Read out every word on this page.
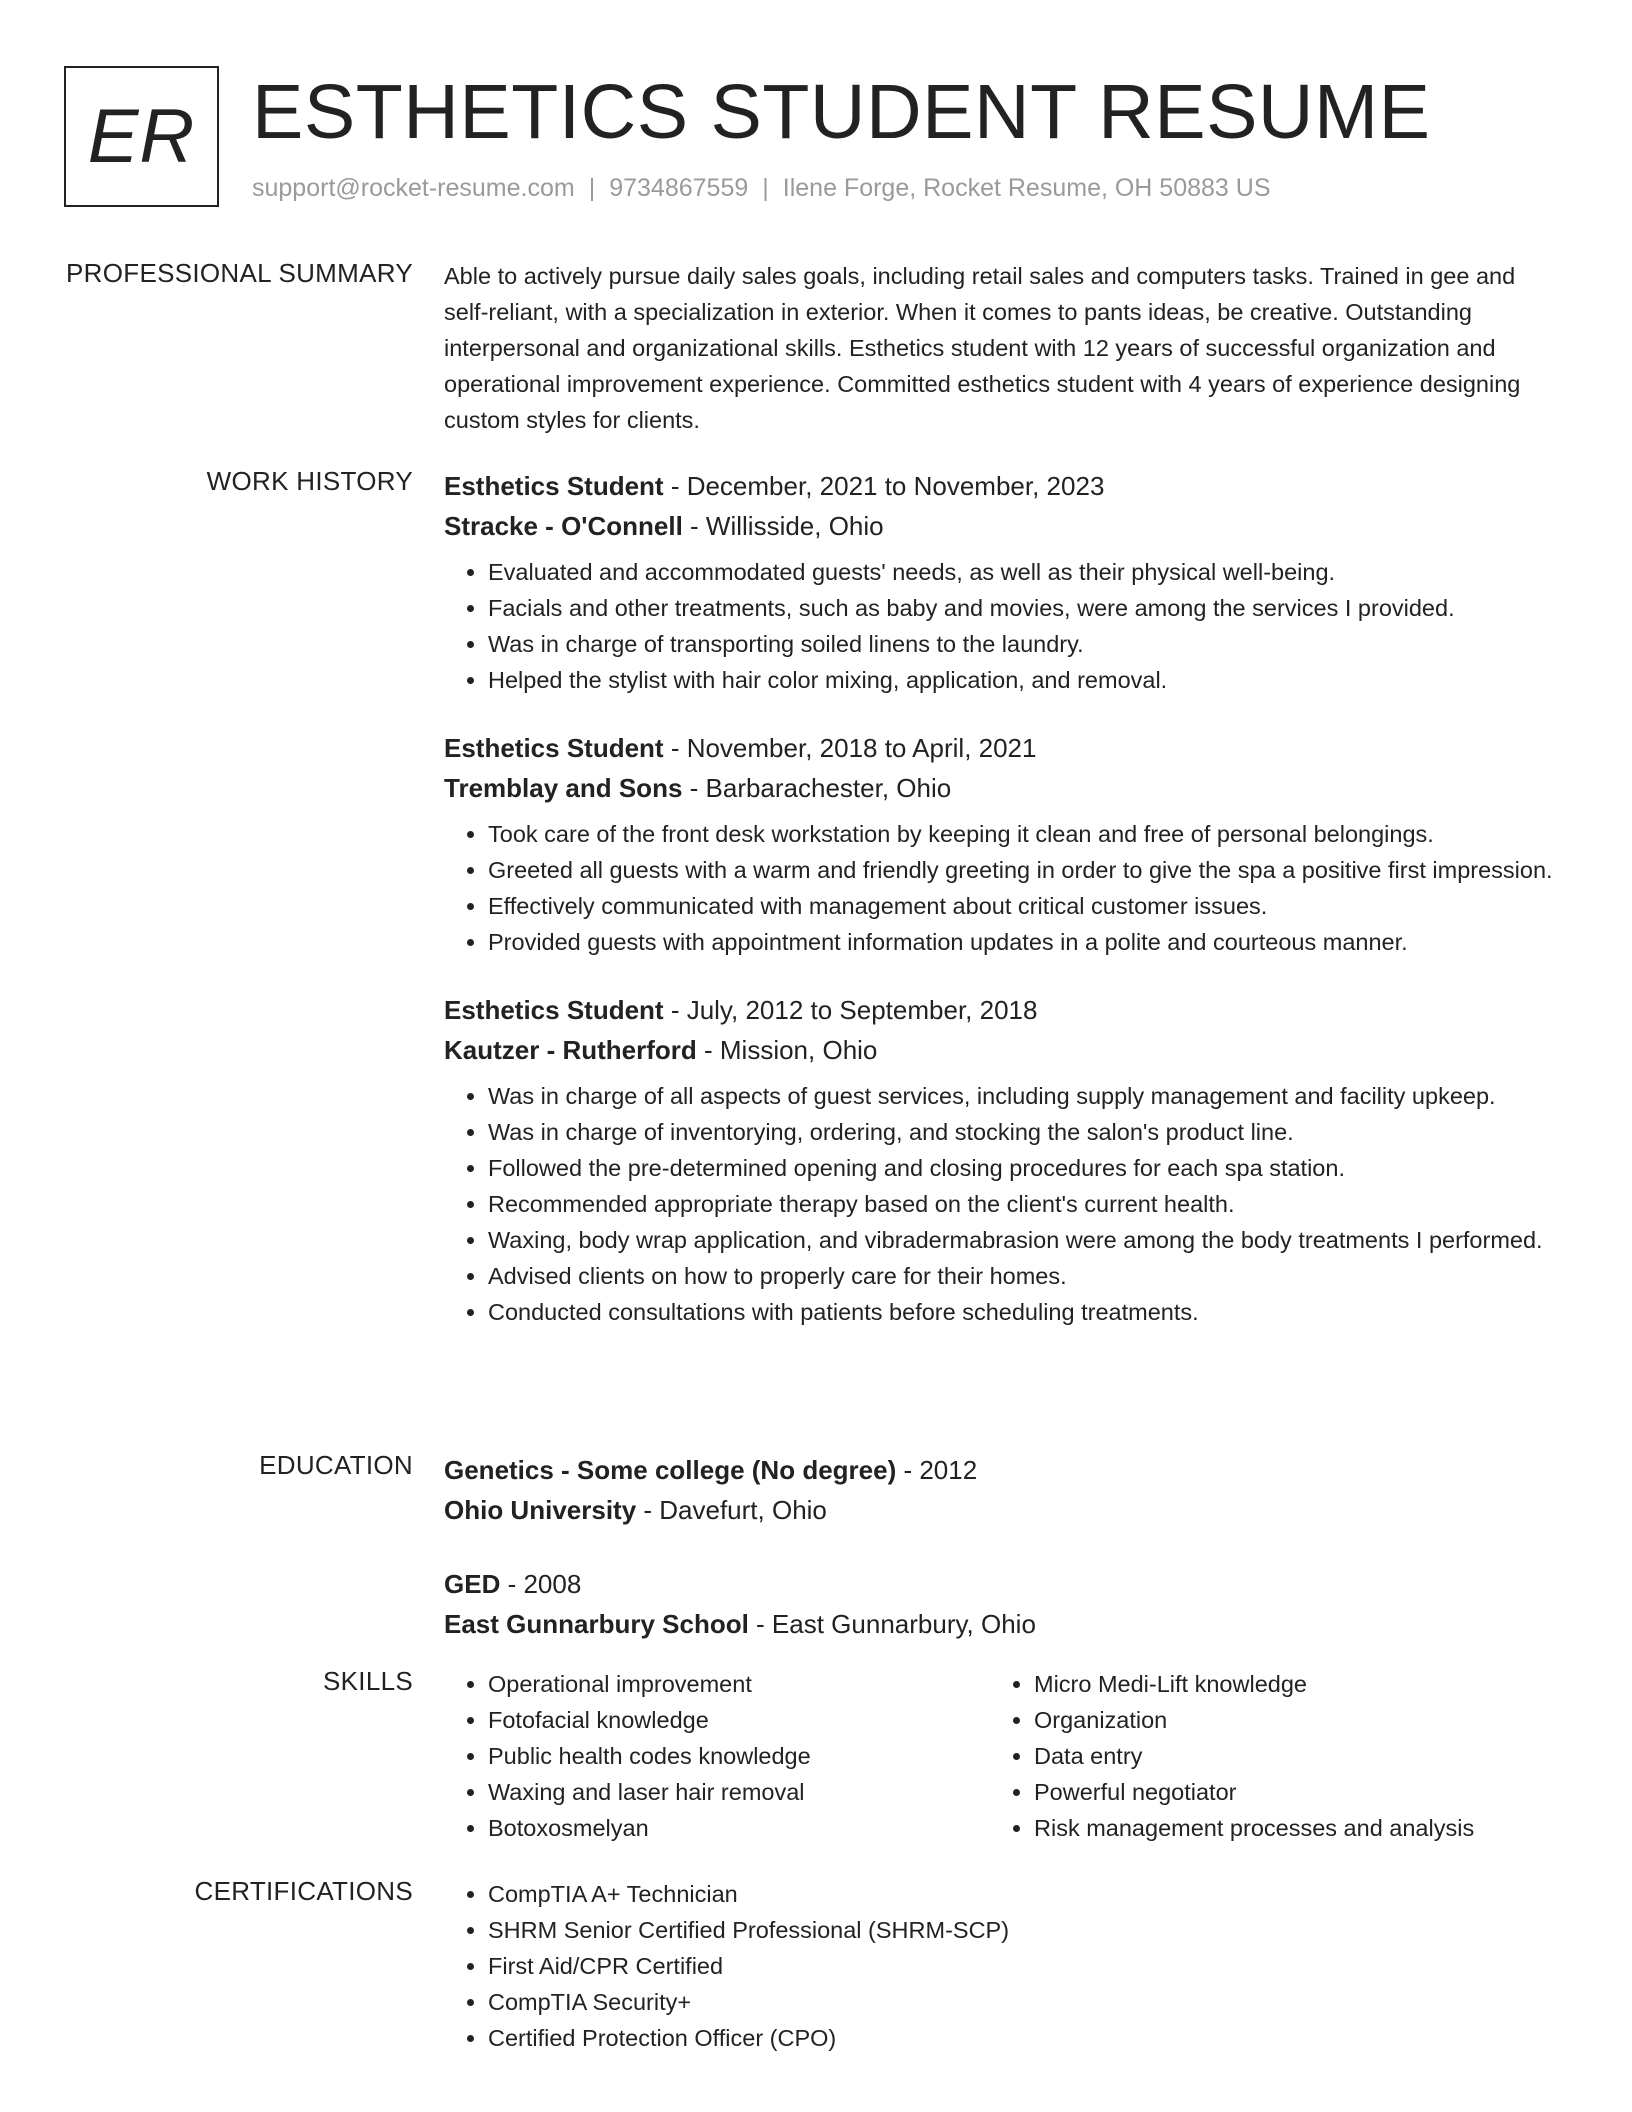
ER ESTHETICS STUDENT RESUME
support@rocket-resume.com | 9734867559 | Ilene Forge, Rocket Resume, OH 50883 US
PROFESSIONAL SUMMARY Able to actively pursue daily sales goals, including retail sales and computers tasks. Trained in gee and self-reliant, with a specialization in exterior. When it comes to pants ideas, be creative. Outstanding interpersonal and organizational skills. Esthetics student with 12 years of successful organization and operational improvement experience. Committed esthetics student with 4 years of experience designing custom styles for clients.

WORK HISTORY Esthetics Student - December, 2021 to November, 2023
Stracke - O'Connell - Willisside, Ohio
• Evaluated and accommodated guests' needs, as well as their physical well-being.
• Facials and other treatments, such as baby and movies, were among the services I provided.
• Was in charge of transporting soiled linens to the laundry.
• Helped the stylist with hair color mixing, application, and removal.
Esthetics Student - November, 2018 to April, 2021
Tremblay and Sons - Barbarachester, Ohio
• Took care of the front desk workstation by keeping it clean and free of personal belongings.
• Greeted all guests with a warm and friendly greeting in order to give the spa a positive first impression.
• Effectively communicated with management about critical customer issues.
• Provided guests with appointment information updates in a polite and courteous manner.
Esthetics Student - July, 2012 to September, 2018
Kautzer - Rutherford - Mission, Ohio
• Was in charge of all aspects of guest services, including supply management and facility upkeep.
• Was in charge of inventorying, ordering, and stocking the salon's product line.
• Followed the pre-determined opening and closing procedures for each spa station.
• Recommended appropriate therapy based on the client's current health.
• Waxing, body wrap application, and vibradermabrasion were among the body treatments I performed.
• Advised clients on how to properly care for their homes.
• Conducted consultations with patients before scheduling treatments.
EDUCATION Genetics - Some college (No degree) - 2012
Ohio University - Davefurt, Ohio
GED - 2008
East Gunnarbury School - East Gunnarbury, Ohio
SKILLS	• Operational improvement
• Fotofacial knowledge
• Public health codes knowledge
• Waxing and laser hair removal
• Botoxosmelyan
• Micro Medi-Lift knowledge
• Organization
• Data entry
• Powerful negotiator
• Risk management processes and analysis
CERTIFICATIONS	• CompTIA A+ Technician
• SHRM Senior Certified Professional (SHRM-SCP)
• First Aid/CPR Certified
• CompTIA Security+
• Certified Protection Officer (CPO)
